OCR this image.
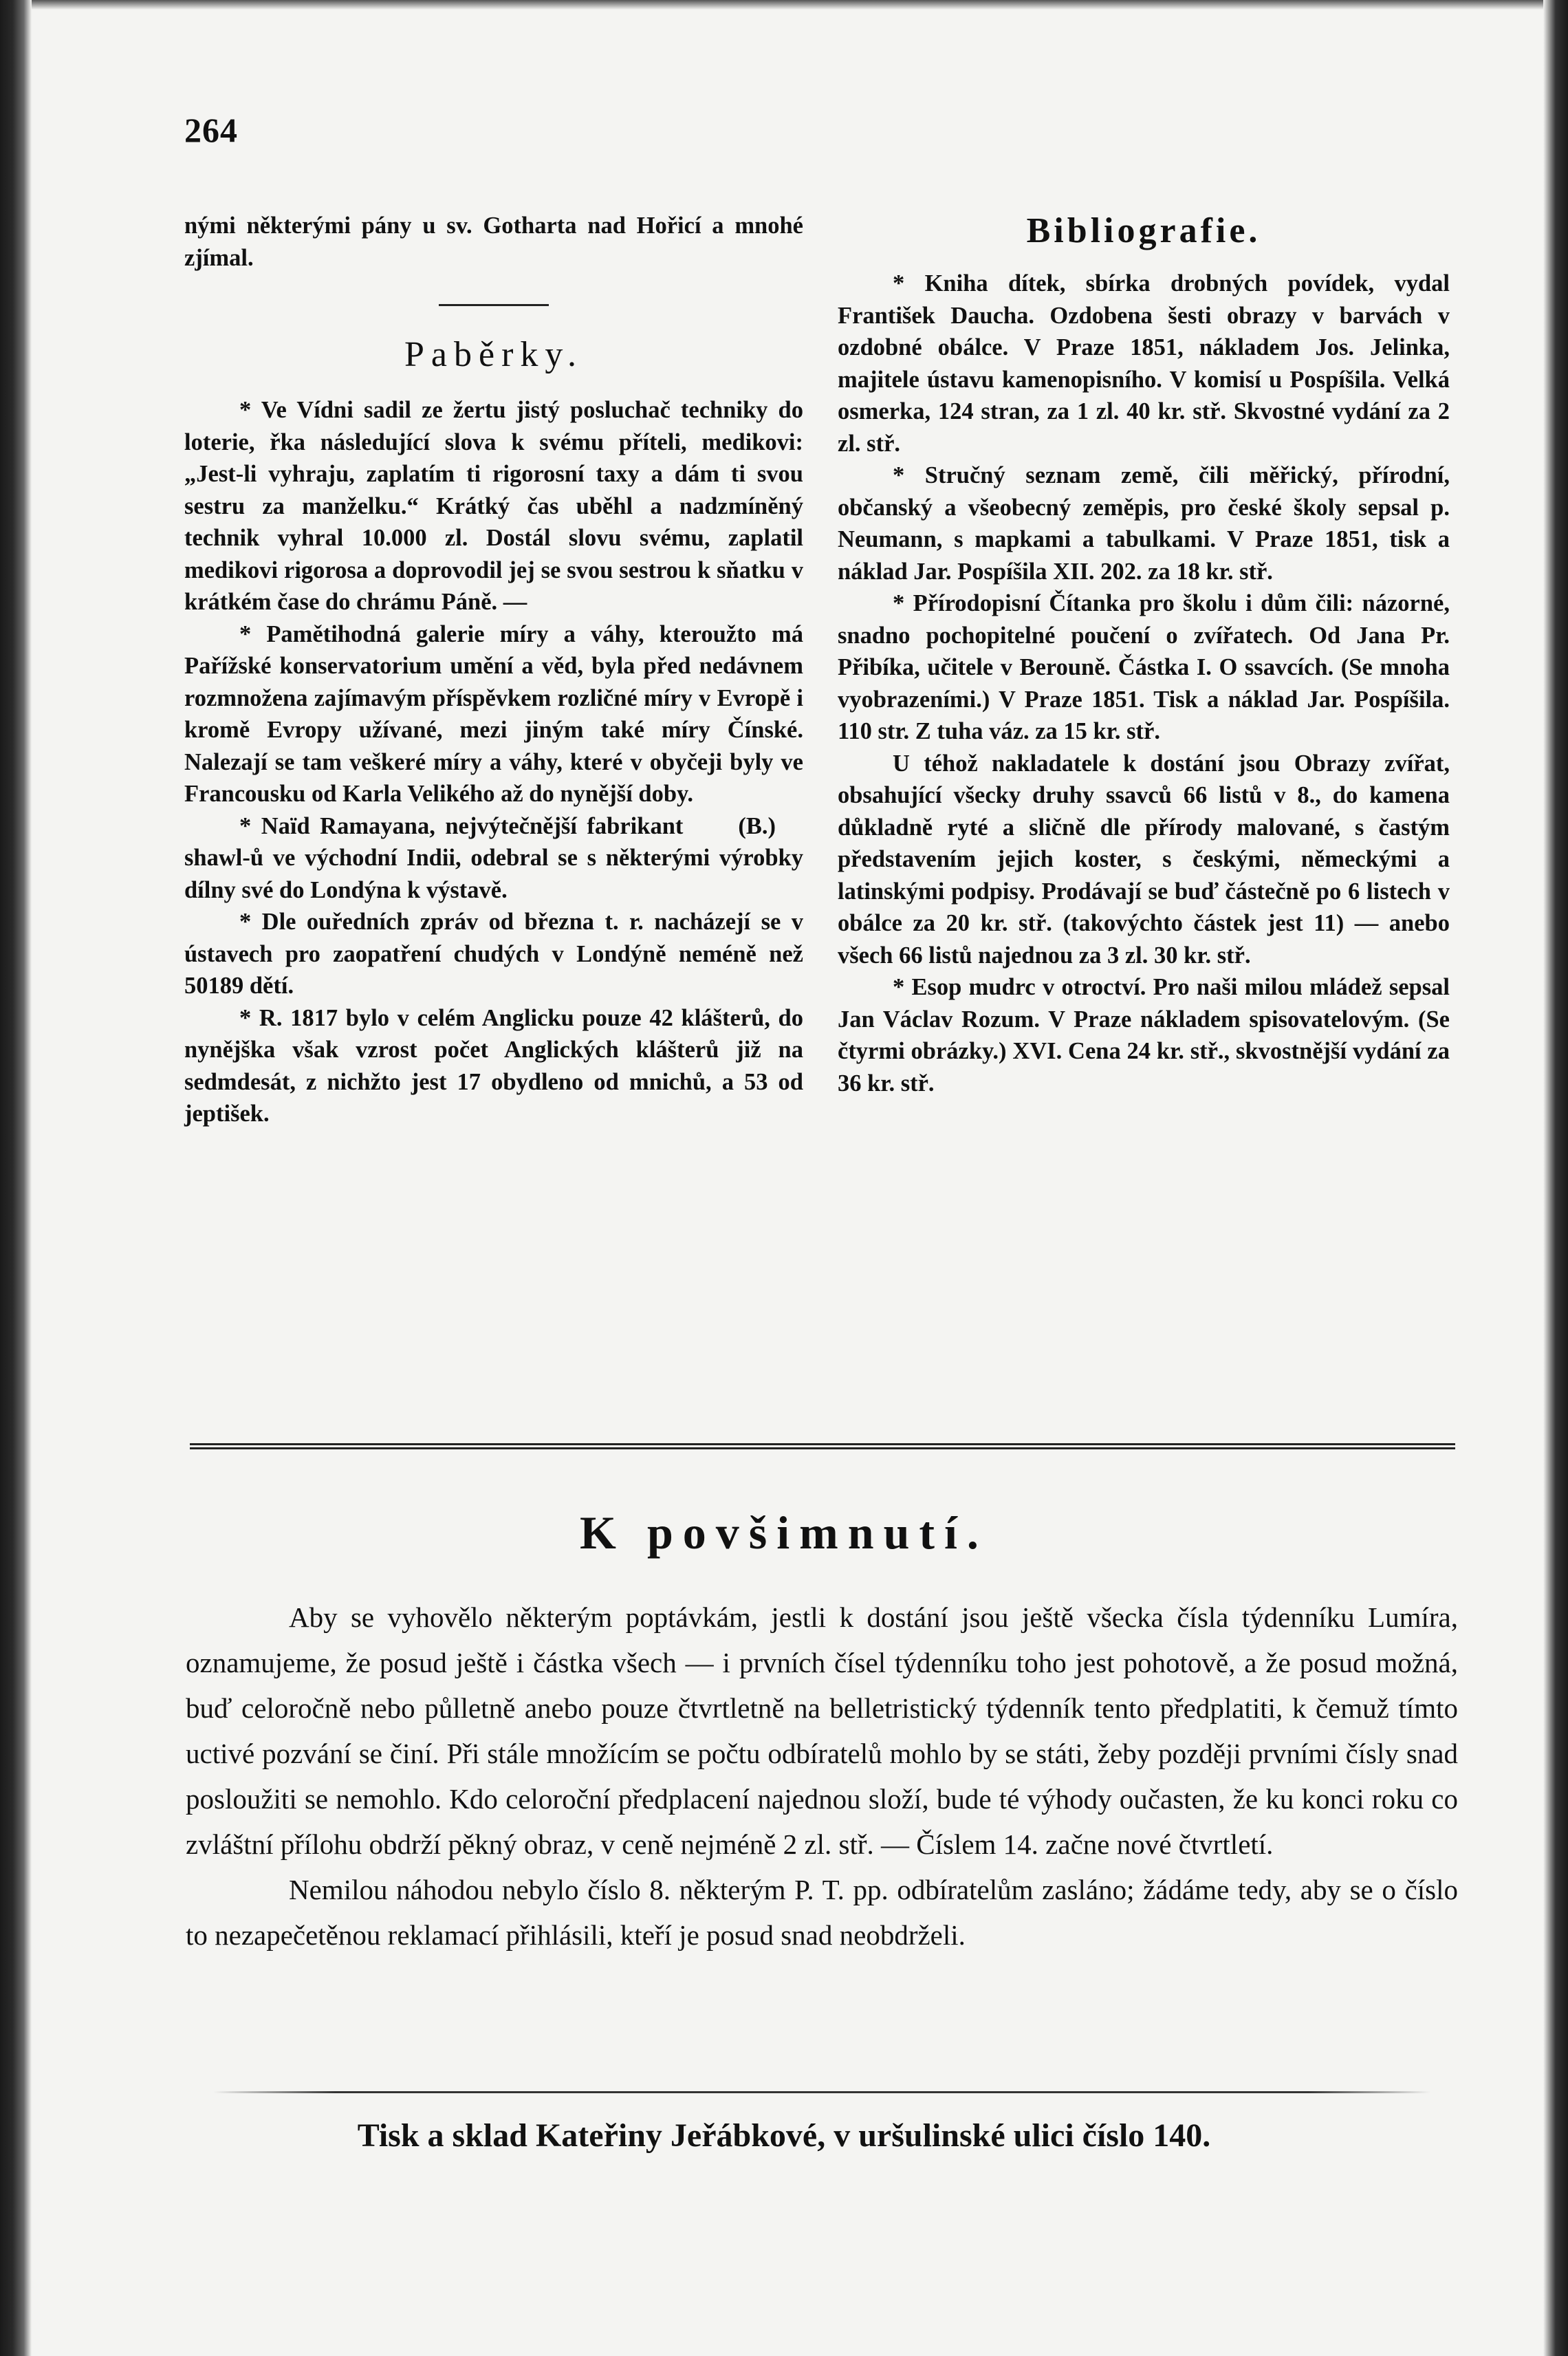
264

nými některými pány u sv. Gotharta nad Hořicí a mnohé zjímal.

Paběrky.

* Ve Vídni sadil ze žertu jistý posluchač techniky do loterie, řka následující slova k svému příteli, medikovi: „Jest-li vyhraju, zaplatím ti rigorosní taxy a dám ti svou sestru za manželku.“ Krátký čas uběhl a nadzmíněný technik vyhral 10.000 zl. Dostál slovu svému, zaplatil medikovi rigorosa a doprovodil jej se svou sestrou k sňatku v krátkém čase do chrámu Páně. —

* Pamětihodná galerie míry a váhy, kteroužto má Pařížské konservatorium umění a věd, byla před nedávnem rozmnožena zajímavým příspěvkem rozličné míry v Evropě i kromě Evropy užívané, mezi jiným také míry Čínské. Nalezají se tam veškeré míry a váhy, které v obyčeji byly ve Francousku od Karla Velikého až do nynější doby.
(B.)

* Naïd Ramayana, nejvýtečnější fabrikant shawl-ů ve východní Indii, odebral se s některými výrobky dílny své do Londýna k výstavě.

* Dle ouředních zpráv od března t. r. nacházejí se v ústavech pro zaopatření chudých v Londýně neméně než 50189 dětí.

* R. 1817 bylo v celém Anglicku pouze 42 klášterů, do nynějška však vzrost počet Anglických klášterů již na sedmdesát, z nichžto jest 17 obydleno od mnichů, a 53 od jeptišek.

Bibliografie.

* Kniha dítek, sbírka drobných povídek, vydal František Daucha. Ozdobena šesti obrazy v barvách v ozdobné obálce. V Praze 1851, nákladem Jos. Jelinka, majitele ústavu kamenopisního. V komisí u Pospíšila. Velká osmerka, 124 stran, za 1 zl. 40 kr. stř. Skvostné vydání za 2 zl. stř.

* Stručný seznam země, čili měřický, přírodní, občanský a všeobecný zeměpis, pro české školy sepsal p. Neumann, s mapkami a tabulkami. V Praze 1851, tisk a náklad Jar. Pospíšila XII. 202. za 18 kr. stř.

* Přírodopisní Čítanka pro školu i dům čili: názorné, snadno pochopitelné poučení o zvířatech. Od Jana Pr. Přibíka, učitele v Berouně. Částka I. O ssavcích. (Se mnoha vyobrazeními.) V Praze 1851. Tisk a náklad Jar. Pospíšila. 110 str. Z tuha váz. za 15 kr. stř.

U téhož nakladatele k dostání jsou Obrazy zvířat, obsahující všecky druhy ssavců 66 listů v 8., do kamena důkladně ryté a sličně dle přírody malované, s častým představením jejich koster, s českými, německými a latinskými podpisy. Prodávají se buď částečně po 6 listech v obálce za 20 kr. stř. (takovýchto částek jest 11) — anebo všech 66 listů najednou za 3 zl. 30 kr. stř.

* Esop mudrc v otroctví. Pro naši milou mládež sepsal Jan Václav Rozum. V Praze nákladem spisovatelovým. (Se čtyrmi obrázky.) XVI. Cena 24 kr. stř., skvostnější vydání za 36 kr. stř.

K povšimnutí.

Aby se vyhovělo některým poptávkám, jestli k dostání jsou ještě všecka čísla týdenníku Lumíra, oznamujeme, že posud ještě i částka všech — i prvních čísel týdenníku toho jest pohotově, a že posud možná, buď celoročně nebo půlletně anebo pouze čtvrtletně na belletristický týdenník tento předplatiti, k čemuž tímto uctivé pozvání se činí. Při stále množícím se počtu odbíratelů mohlo by se státi, žeby později prvními čísly snad posloužiti se nemohlo. Kdo celoroční předplacení najednou složí, bude té výhody oučasten, že ku konci roku co zvláštní přílohu obdrží pěkný obraz, v ceně nejméně 2 zl. stř. — Číslem 14. začne nové čtvrtletí.

Nemilou náhodou nebylo číslo 8. některým P. T. pp. odbíratelům zasláno; žádáme tedy, aby se o číslo to nezapečetěnou reklamací přihlásili, kteří je posud snad neobdrželi.

Tisk a sklad Kateřiny Jeřábkové, v uršulinské ulici číslo 140.
